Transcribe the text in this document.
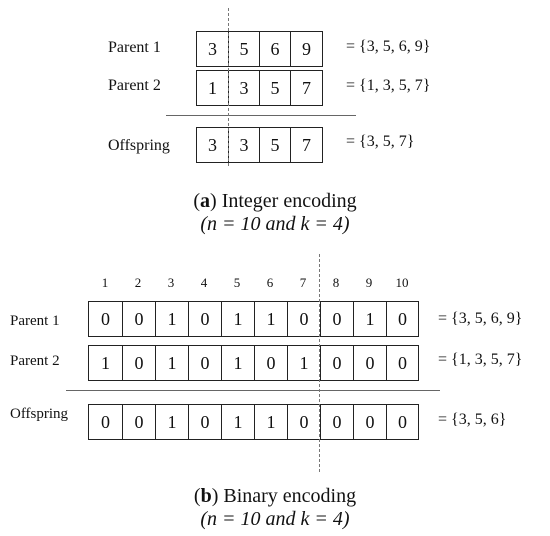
Parent 1	3	5	6	9	= {3, 5, 6, 9}
Parent 2	1	3	5	7	= {1, 3, 5, 7}
Offspring	3	3	5	7	= {3, 5, 7}
(a) Integer encoding
(n = 10 and k = 4)
1	2	3	4	5	6	7	8	9	10
Parent 1	0	0	1	0	1	1	0	0	1	0	= {3, 5, 6, 9}
Parent 2	1	0	1	0	1	0	1	0	0	0	= {1, 3, 5, 7}
Offspring	0	0	1	0	1	1	0	0	0	0	= {3, 5, 6}
(b) Binary encoding
(n = 10 and k = 4)
